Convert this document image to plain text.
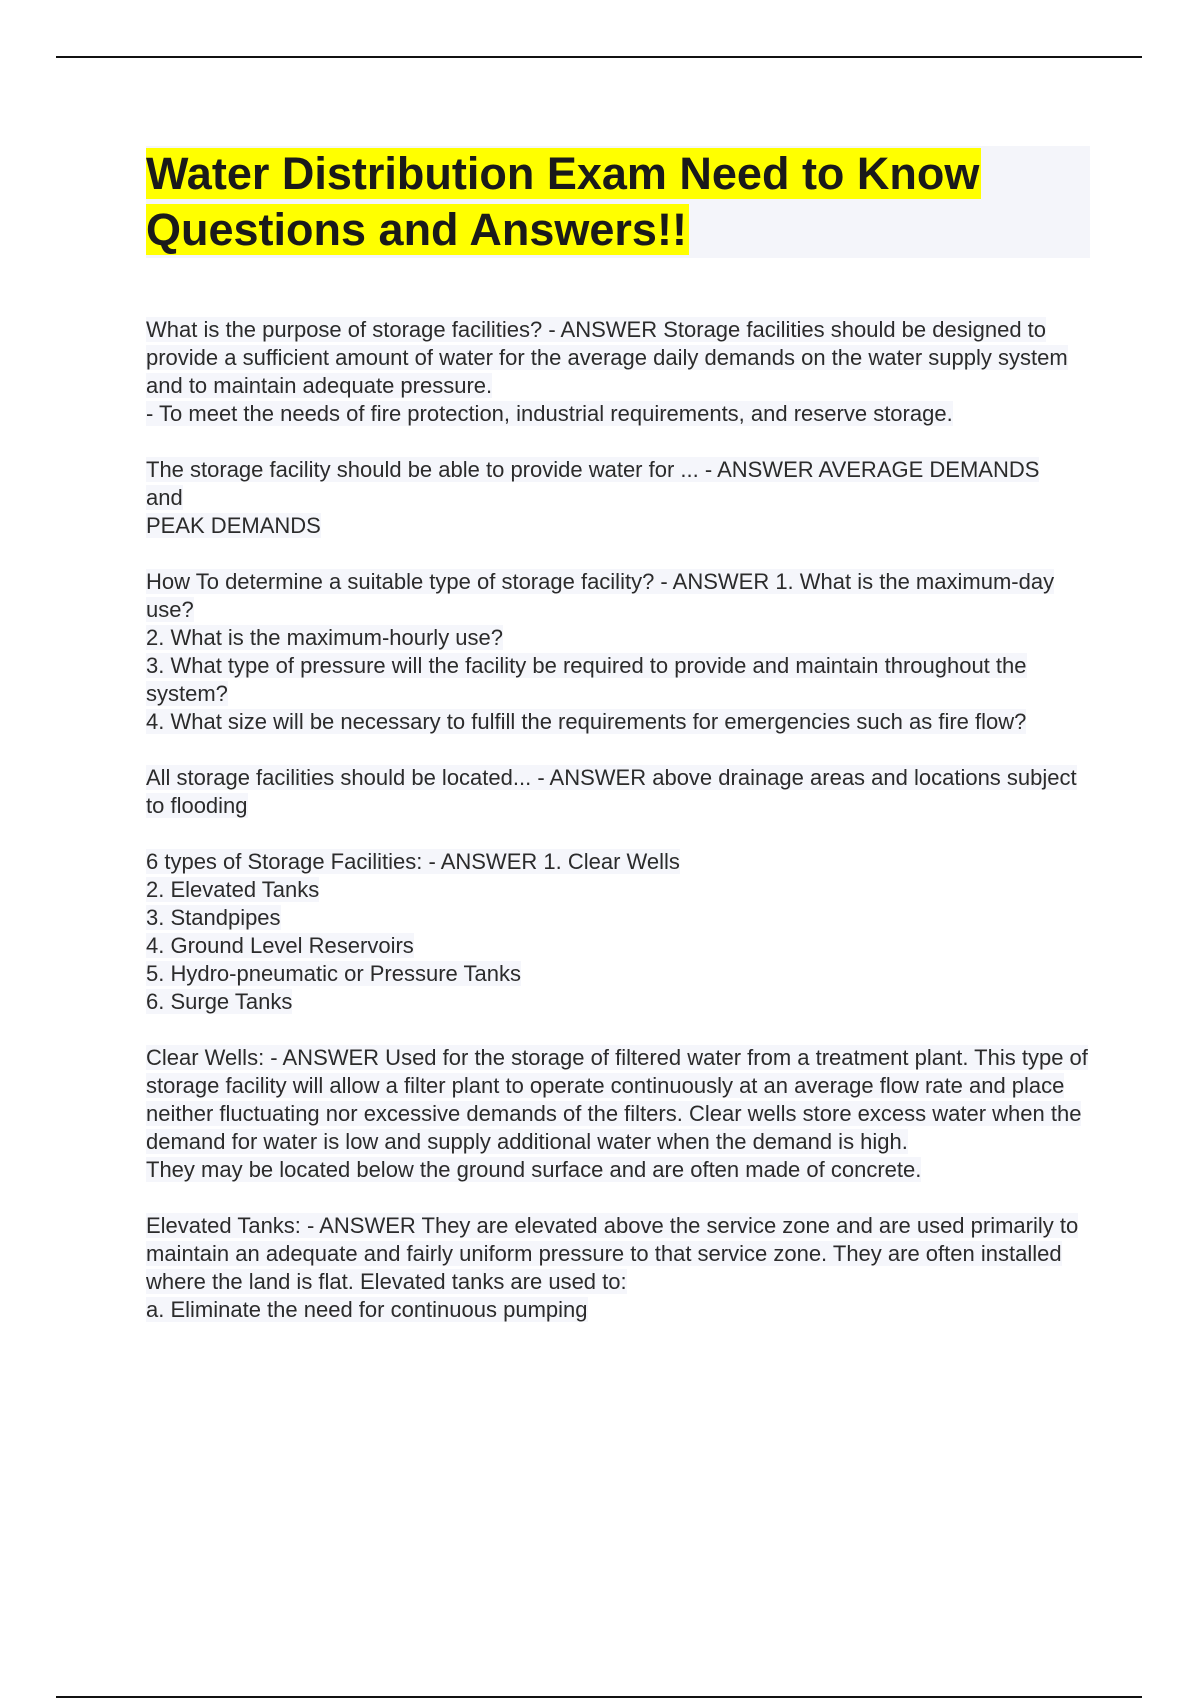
Water Distribution Exam Need to Know
Questions and Answers!!
What is the purpose of storage facilities? - ANSWER Storage facilities should be designed to provide a sufficient amount of water for the average daily demands on the water supply system and to maintain adequate pressure.
- To meet the needs of fire protection, industrial requirements, and reserve storage.
The storage facility should be able to provide water for ... - ANSWER AVERAGE DEMANDS
and
PEAK DEMANDS
How To determine a suitable type of storage facility? - ANSWER 1. What is the maximum-day use?
2. What is the maximum-hourly use?
3. What type of pressure will the facility be required to provide and maintain throughout the system?
4. What size will be necessary to fulfill the requirements for emergencies such as fire flow?
All storage facilities should be located... - ANSWER above drainage areas and locations subject to flooding
6 types of Storage Facilities: - ANSWER 1. Clear Wells
2. Elevated Tanks
3. Standpipes
4. Ground Level Reservoirs
5. Hydro-pneumatic or Pressure Tanks
6. Surge Tanks
Clear Wells: - ANSWER Used for the storage of filtered water from a treatment plant. This type of storage facility will allow a filter plant to operate continuously at an average flow rate and place neither fluctuating nor excessive demands of the filters. Clear wells store excess water when the demand for water is low and supply additional water when the demand is high.
They may be located below the ground surface and are often made of concrete.
Elevated Tanks: - ANSWER They are elevated above the service zone and are used primarily to maintain an adequate and fairly uniform pressure to that service zone. They are often installed where the land is flat. Elevated tanks are used to:
a. Eliminate the need for continuous pumping
